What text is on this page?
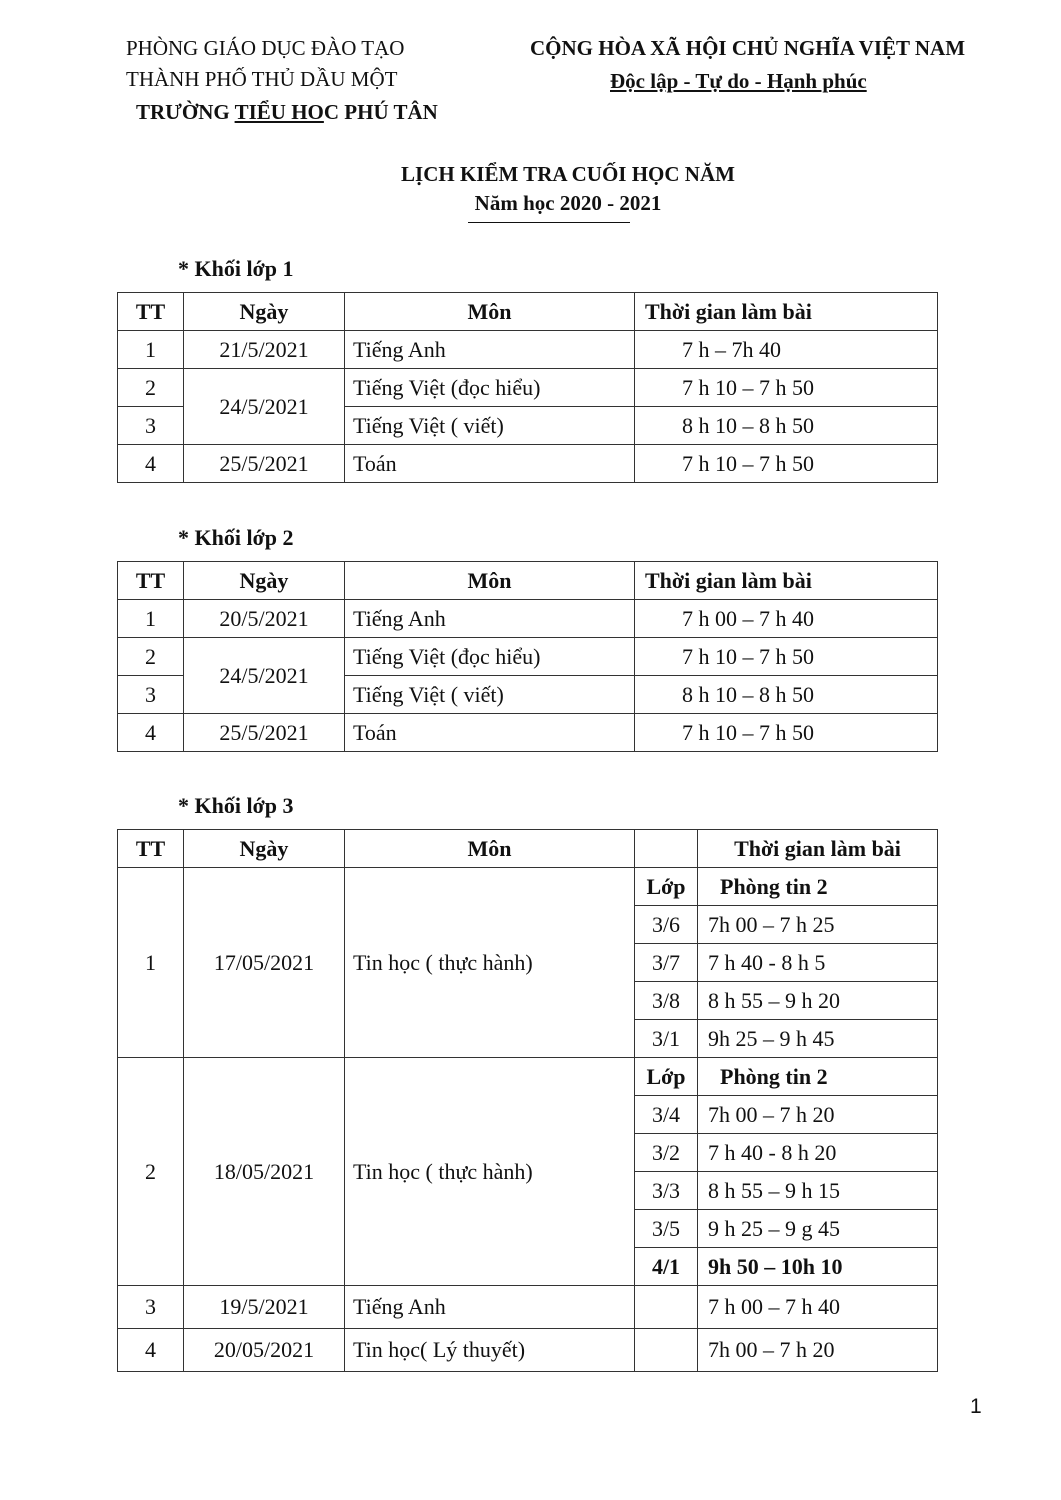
PHÒNG GIÁO DỤC ĐÀO TẠO
THÀNH PHỐ THỦ DẦU MỘT
TRƯỜNG TIỂU HOC PHÚ TÂN
CỘNG HÒA XÃ HỘI CHỦ NGHĨA VIỆT NAM
Độc lập - Tự do - Hạnh phúc
LỊCH KIỂM TRA CUỐI HỌC NĂM
Năm học 2020 - 2021
* Khối lớp 1
TT	Ngày	Môn	Thời gian làm bài
1	21/5/2021	Tiếng Anh	7 h – 7h 40
2	24/5/2021	Tiếng Việt (đọc hiểu)	7 h 10 – 7 h 50
3		Tiếng Việt ( viết)	8 h 10 – 8 h 50
4	25/5/2021	Toán	7 h 10 – 7 h 50
* Khối lớp 2
TT	Ngày	Môn	Thời gian làm bài
1	20/5/2021	Tiếng Anh	7 h 00 – 7 h 40
2	24/5/2021	Tiếng Việt (đọc hiểu)	7 h 10 – 7 h 50
3		Tiếng Việt ( viết)	8 h 10 – 8 h 50
4	25/5/2021	Toán	7 h 10 – 7 h 50
* Khối lớp 3
TT	Ngày	Môn		Thời gian làm bài
1	17/05/2021	Tin học ( thực hành)	Lớp	Phòng tin 2
			3/6	7h 00 – 7 h 25
			3/7	7 h 40 - 8 h 5
			3/8	8 h 55 – 9 h 20
			3/1	9h 25 – 9 h 45
2	18/05/2021	Tin học ( thực hành)	Lớp	Phòng tin 2
			3/4	7h 00 – 7 h 20
			3/2	7 h 40 - 8 h 20
			3/3	8 h 55 – 9 h 15
			3/5	9 h 25 – 9 g 45
			4/1	9h 50 – 10h 10
3	19/5/2021	Tiếng Anh		7 h 00 – 7 h 40
4	20/05/2021	Tin học( Lý thuyết)		7h 00 – 7 h 20
1
